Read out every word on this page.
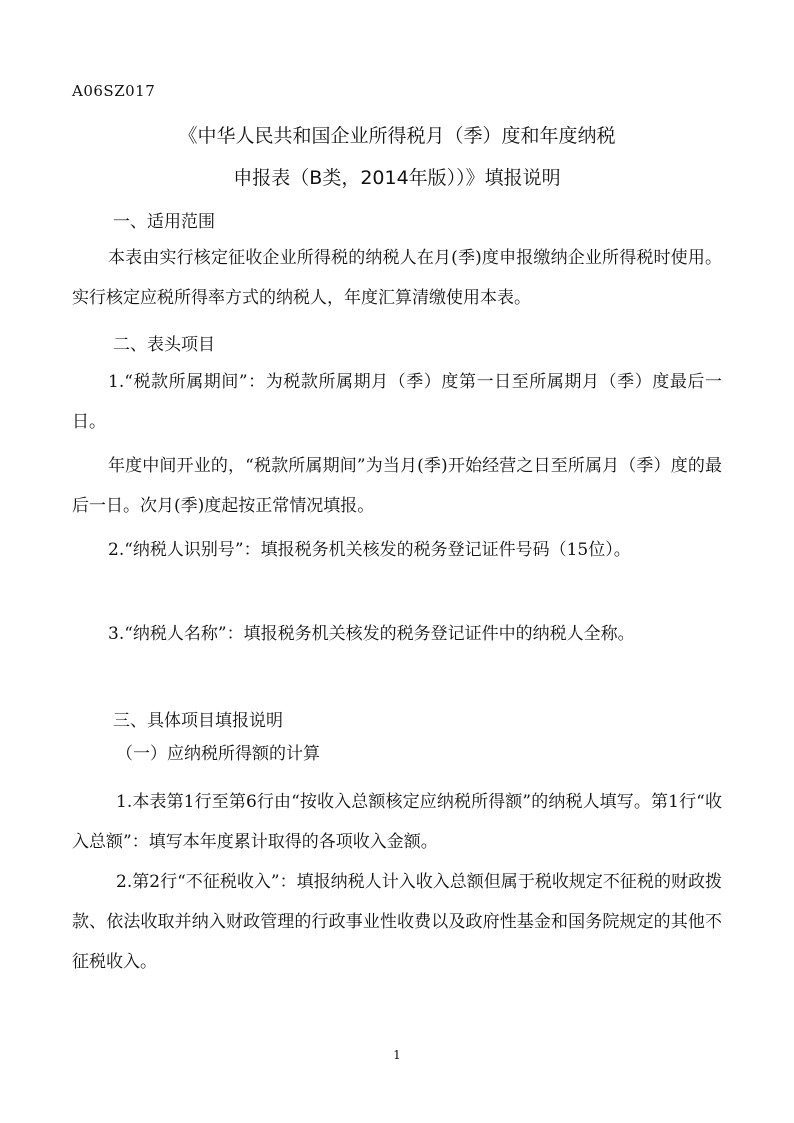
A06SZ017
《中华人民共和国企业所得税月（季）度和年度纳税
申报表（B类，2014年版））》填报说明
一、适用范围
本表由实行核定征收企业所得税的纳税人在月(季)度申报缴纳企业所得税时使用。实行核定应税所得率方式的纳税人，年度汇算清缴使用本表。
二、表头项目
1.“税款所属期间”：为税款所属期月（季）度第一日至所属期月（季）度最后一日。
年度中间开业的，“税款所属期间”为当月(季)开始经营之日至所属月（季）度的最后一日。次月(季)度起按正常情况填报。
2.“纳税人识别号”：填报税务机关核发的税务登记证件号码（15位）。
3.“纳税人名称”：填报税务机关核发的税务登记证件中的纳税人全称。
三、具体项目填报说明
（一）应纳税所得额的计算
1.本表第1行至第6行由“按收入总额核定应纳税所得额”的纳税人填写。第1行“收入总额”：填写本年度累计取得的各项收入金额。
2.第2行“不征税收入”：填报纳税人计入收入总额但属于税收规定不征税的财政拨款、依法收取并纳入财政管理的行政事业性收费以及政府性基金和国务院规定的其他不征税收入。
1
